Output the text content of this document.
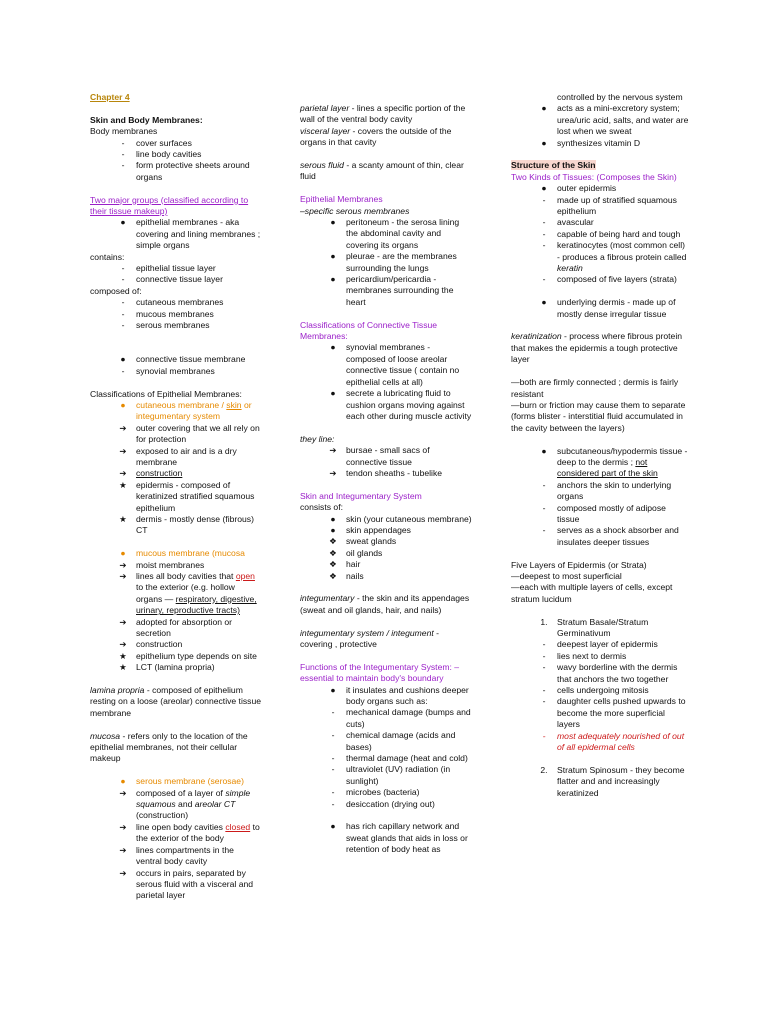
Chapter 4

Skin and Body Membranes:

Body membranes

-	cover surfaces
-	line body cavities
-	form protective sheets around organs

Two major groups (classified according to their tissue makeup)

●	epithelial membranes - aka covering and lining membranes ; simple organs

contains:

-	epithelial tissue layer
-	connective tissue layer

composed of:

-	cutaneous membranes
-	mucous membranes
-	serous membranes
●	connective tissue membrane
-	synovial membranes

Classifications of Epithelial Membranes:

●	cutaneous membrane / skin or integumentary system
➔	outer covering that we all rely on for protection
➔	exposed to air and is a dry membrane
➔	construction
★	epidermis - composed of keratinized stratified squamous epithelium
★	dermis - mostly dense (fibrous) CT
●	mucous membrane (mucosa
➔	moist membranes
➔	lines all body cavities that open to the exterior (e.g. hollow organs — respiratory, digestive, urinary, reproductive tracts)
➔	adopted for absorption or secretion
➔	construction
★	epithelium type depends on site
★	LCT (lamina propria)

lamina propria - composed of epithelium resting on a loose (areolar) connective tissue membrane

mucosa - refers only to the location of the epithelial membranes, not their cellular makeup

●	serous membrane (serosae)
➔	composed of a layer of simple squamous and areolar CT (construction)
➔	line open body cavities closed to the exterior of the body
➔	lines compartments in the ventral body cavity
➔	occurs in pairs, separated by serous fluid with a visceral and parietal layer

parietal layer - lines a specific portion of the wall of the ventral body cavity

visceral layer - covers the outside of the organs in that cavity

serous fluid - a scanty amount of thin, clear fluid

Epithelial Membranes

–specific serous membranes

●	peritoneum - the serosa lining the abdominal cavity and covering its organs
●	pleurae - are the membranes surrounding the lungs
●	pericardium/pericardia - membranes surrounding the heart

Classifications of Connective Tissue Membranes:

●	synovial membranes - composed of loose areolar connective tissue ( contain no epithelial cells at all)
●	secrete a lubricating fluid to cushion organs moving against each other during muscle activity

they line:

➔	bursae - small sacs of connective tissue
➔	tendon sheaths - tubelike

Skin and Integumentary System

consists of:

●	skin (your cutaneous membrane)
●	skin appendages
❖	sweat glands
❖	oil glands
❖	hair
❖	nails

integumentary - the skin and its appendages (sweat and oil glands, hair, and nails)

integumentary system / integument - covering , protective

Functions of the Integumentary System: –essential to maintain body's boundary

●	it insulates and cushions deeper body organs such as:
-	mechanical damage (bumps and cuts)
-	chemical damage (acids and bases)
-	thermal damage (heat and cold)
-	ultraviolet (UV) radiation (in sunlight)
-	microbes (bacteria)
-	desiccation (drying out)
●	has rich capillary network and sweat glands that aids in loss or retention of body heat as

controlled by the nervous system

●	acts as a mini-excretory system; urea/uric acid, salts, and water are lost when we sweat
●	synthesizes vitamin D

Structure of the Skin

Two Kinds of Tissues: (Composes the Skin)

●	outer epidermis
-	made up of stratified squamous epithelium
-	avascular
-	capable of being hard and tough
-	keratinocytes (most common cell) - produces a fibrous protein called keratin
-	composed of five layers (strata)
●	underlying dermis - made up of mostly dense irregular tissue

keratinization - process where fibrous protein that makes the epidermis a tough protective layer

—both are firmly connected ; dermis is fairly resistant

—burn or friction may cause them to separate (forms blister - interstitial fluid accumulated in the cavity between the layers)

●	subcutaneous/hypodermis tissue - deep to the dermis ; not considered part of the skin
-	anchors the skin to underlying organs
-	composed mostly of adipose tissue
-	serves as a shock absorber and insulates deeper tissues

Five Layers of Epidermis (or Strata)

—deepest to most superficial

—each with multiple layers of cells, except stratum lucidum

1.	Stratum Basale/Stratum Germinativum
-	deepest layer of epidermis
-	lies next to dermis
-	wavy borderline with the dermis that anchors the two together
-	cells undergoing mitosis
-	daughter cells pushed upwards to become the more superficial layers
-	most adequately nourished of out of all epidermal cells
2.	Stratum Spinosum - they become flatter and and increasingly keratinized
